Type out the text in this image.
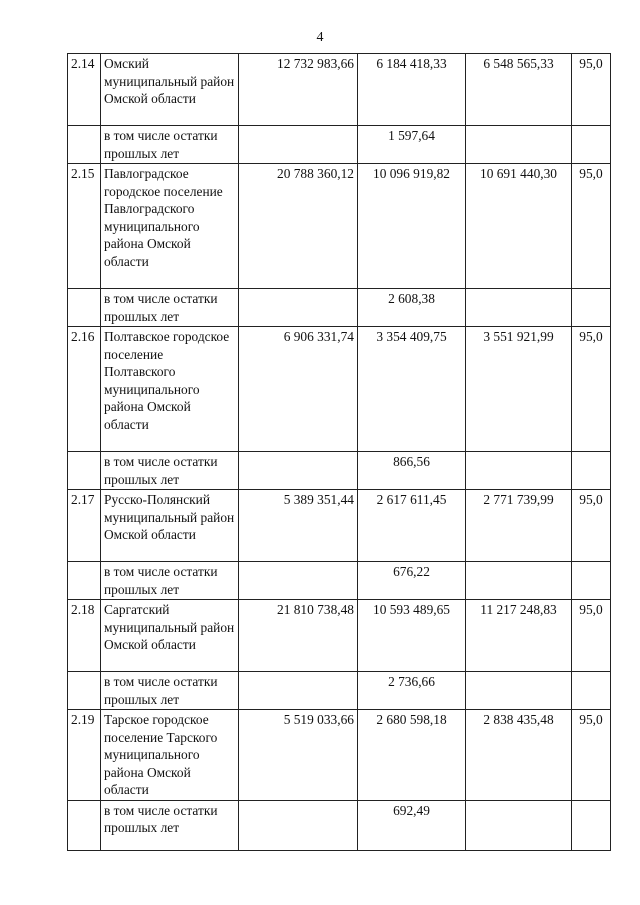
4
2.14	Омский муниципальный район Омской области	12 732 983,66	6 184 418,33	6 548 565,33	95,0
	в том числе остатки прошлых лет		1 597,64		
2.15	Павлоградское городское поселение Павлоградского муниципального района Омской области	20 788 360,12	10 096 919,82	10 691 440,30	95,0
	в том числе остатки прошлых лет		2 608,38		
2.16	Полтавское городское поселение Полтавского муниципального района Омской области	6 906 331,74	3 354 409,75	3 551 921,99	95,0
	в том числе остатки прошлых лет		866,56		
2.17	Русско-Полянский муниципальный район Омской области	5 389 351,44	2 617 611,45	2 771 739,99	95,0
	в том числе остатки прошлых лет		676,22		
2.18	Саргатский муниципальный район Омской области	21 810 738,48	10 593 489,65	11 217 248,83	95,0
	в том числе остатки прошлых лет		2 736,66		
2.19	Тарское городское поселение Тарского муниципального района Омской области	5 519 033,66	2 680 598,18	2 838 435,48	95,0
	в том числе остатки прошлых лет		692,49		
